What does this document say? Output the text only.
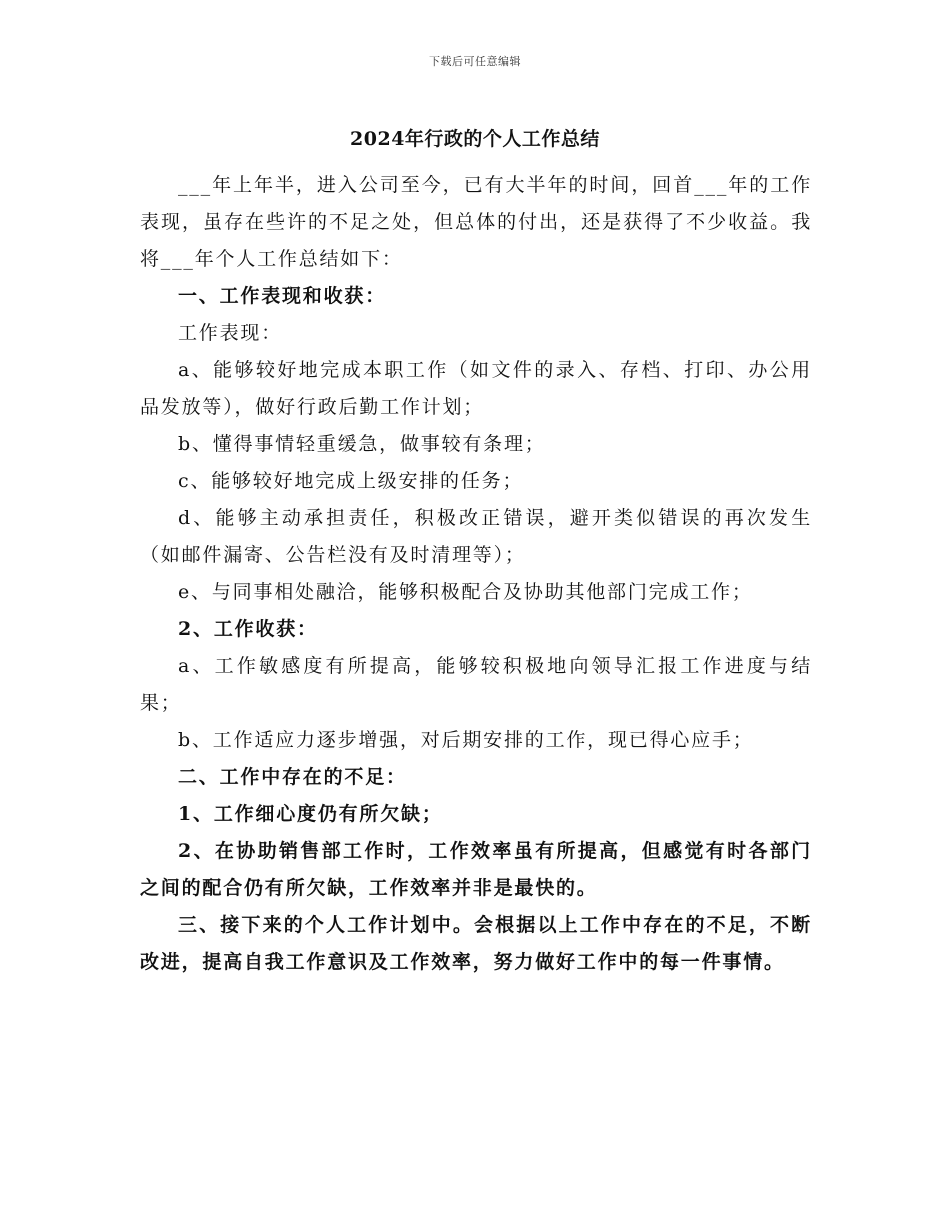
下载后可任意编辑
2024年行政的个人工作总结

___年上年半，进入公司至今，已有大半年的时间，回首___年的工作表现，虽存在些许的不足之处，但总体的付出，还是获得了不少收益。我将___年个人工作总结如下：

一、工作表现和收获：

工作表现：

a、能够较好地完成本职工作（如文件的录入、存档、打印、办公用品发放等），做好行政后勤工作计划；

b、懂得事情轻重缓急，做事较有条理；

c、能够较好地完成上级安排的任务；

d、能够主动承担责任，积极改正错误，避开类似错误的再次发生（如邮件漏寄、公告栏没有及时清理等）；

e、与同事相处融洽，能够积极配合及协助其他部门完成工作；

2、工作收获：

a、工作敏感度有所提高，能够较积极地向领导汇报工作进度与结果；

b、工作适应力逐步增强，对后期安排的工作，现已得心应手；

二、工作中存在的不足：

1、工作细心度仍有所欠缺；

2、在协助销售部工作时，工作效率虽有所提高，但感觉有时各部门之间的配合仍有所欠缺，工作效率并非是最快的。

三、接下来的个人工作计划中。会根据以上工作中存在的不足，不断改进，提高自我工作意识及工作效率，努力做好工作中的每一件事情。
